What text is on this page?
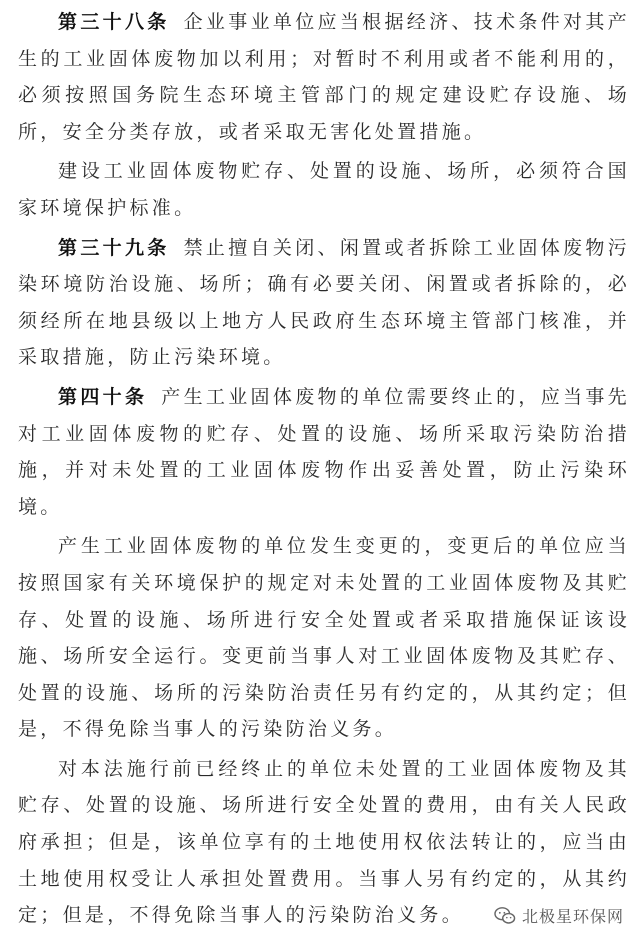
第三十八条 企业事业单位应当根据经济、技术条件对其产生的工业固体废物加以利用；对暂时不利用或者不能利用的，必须按照国务院生态环境主管部门的规定建设贮存设施、场所，安全分类存放，或者采取无害化处置措施。

建设工业固体废物贮存、处置的设施、场所，必须符合国家环境保护标准。

第三十九条 禁止擅自关闭、闲置或者拆除工业固体废物污染环境防治设施、场所；确有必要关闭、闲置或者拆除的，必须经所在地县级以上地方人民政府生态环境主管部门核准，并采取措施，防止污染环境。

第四十条 产生工业固体废物的单位需要终止的，应当事先对工业固体废物的贮存、处置的设施、场所采取污染防治措施，并对未处置的工业固体废物作出妥善处置，防止污染环境。

产生工业固体废物的单位发生变更的，变更后的单位应当按照国家有关环境保护的规定对未处置的工业固体废物及其贮存、处置的设施、场所进行安全处置或者采取措施保证该设施、场所安全运行。变更前当事人对工业固体废物及其贮存、处置的设施、场所的污染防治责任另有约定的，从其约定；但是，不得免除当事人的污染防治义务。

对本法施行前已经终止的单位未处置的工业固体废物及其贮存、处置的设施、场所进行安全处置的费用，由有关人民政府承担；但是，该单位享有的土地使用权依法转让的，应当由土地使用权受让人承担处置费用。当事人另有约定的，从其约定；但是，不得免除当事人的污染防治义务。	北极星环保网
